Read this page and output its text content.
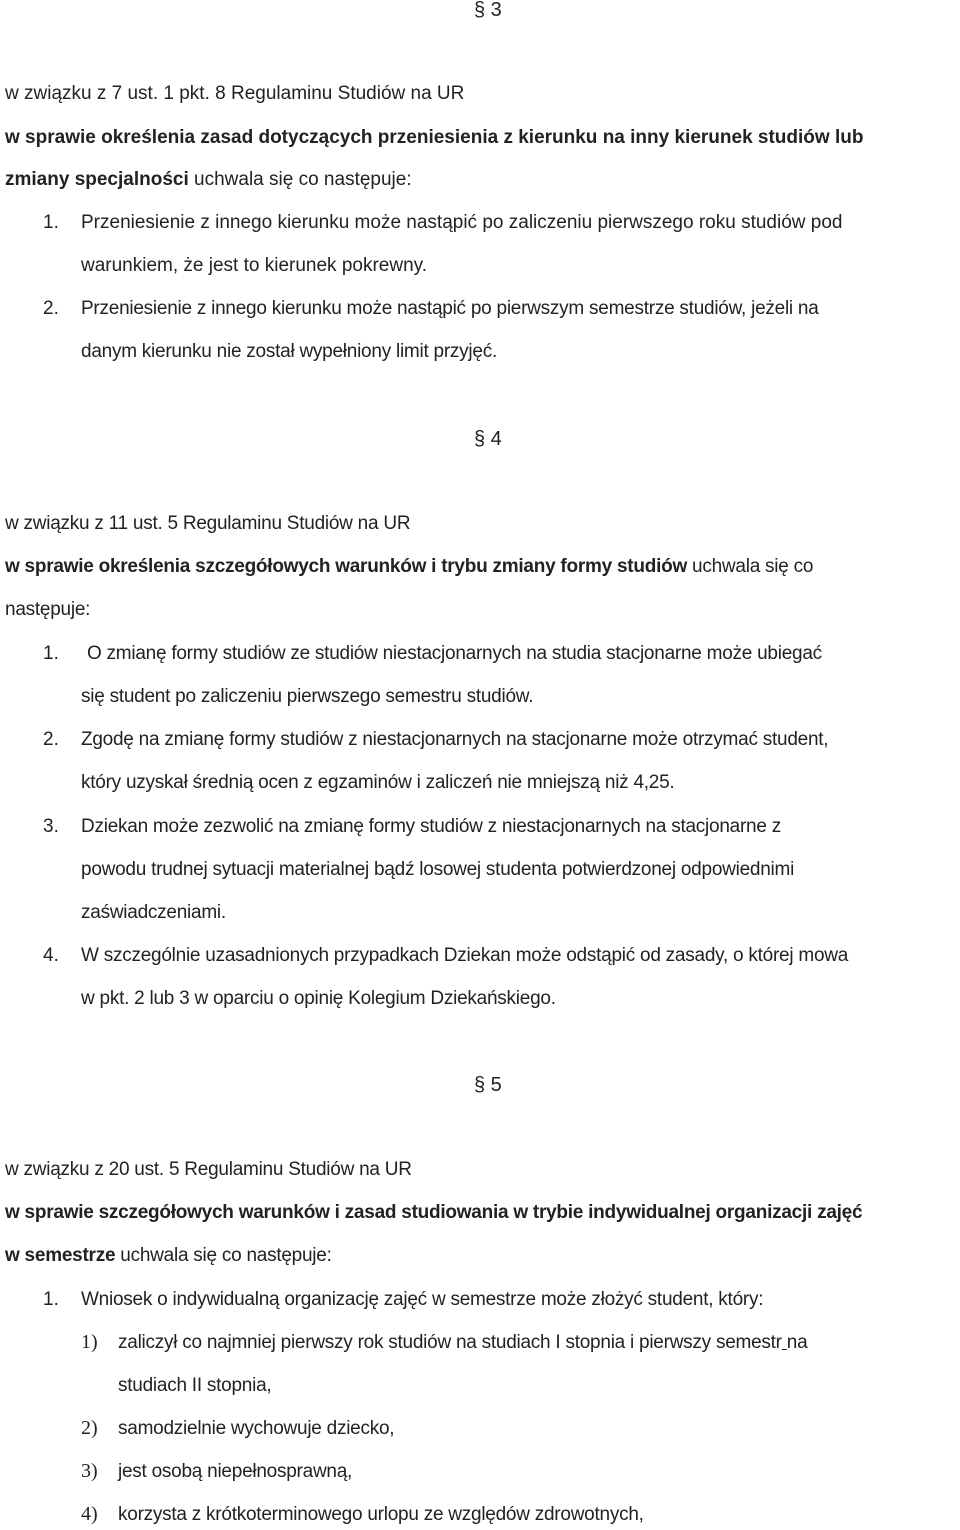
§ 3
w związku z 7 ust. 1 pkt. 8 Regulaminu Studiów na UR
w sprawie określenia zasad dotyczących przeniesienia z kierunku na inny kierunek studiów lub
zmiany specjalności uchwala się co następuje:
1. Przeniesienie z innego kierunku może nastąpić po zaliczeniu pierwszego roku studiów pod
warunkiem, że jest to kierunek pokrewny.
2. Przeniesienie z innego kierunku może nastąpić po pierwszym semestrze studiów, jeżeli na
danym kierunku nie został wypełniony limit przyjęć.
§ 4
w związku z 11 ust. 5 Regulaminu Studiów na UR
w sprawie określenia szczegółowych warunków i trybu zmiany formy studiów uchwala się co
następuje:
1. O zmianę formy studiów ze studiów niestacjonarnych na studia stacjonarne może ubiegać
się student po zaliczeniu pierwszego semestru studiów.
2. Zgodę na zmianę formy studiów z niestacjonarnych na stacjonarne może otrzymać student,
który uzyskał średnią ocen z egzaminów i zaliczeń nie mniejszą niż 4,25.
3. Dziekan może zezwolić na zmianę formy studiów z niestacjonarnych na stacjonarne z
powodu trudnej sytuacji materialnej bądź losowej studenta potwierdzonej odpowiednimi
zaświadczeniami.
4. W szczególnie uzasadnionych przypadkach Dziekan może odstąpić od zasady, o której mowa
w pkt. 2 lub 3 w oparciu o opinię Kolegium Dziekańskiego.
§ 5
w związku z 20 ust. 5 Regulaminu Studiów na UR
w sprawie szczegółowych warunków i zasad studiowania w trybie indywidualnej organizacji zajęć
w semestrze uchwala się co następuje:
1. Wniosek o indywidualną organizację zajęć w semestrze może złożyć student, który:
1) zaliczył co najmniej pierwszy rok studiów na studiach I stopnia i pierwszy semestr na
studiach II stopnia,
2) samodzielnie wychowuje dziecko,
3) jest osobą niepełnosprawną,
4) korzysta z krótkoterminowego urlopu ze względów zdrowotnych,
